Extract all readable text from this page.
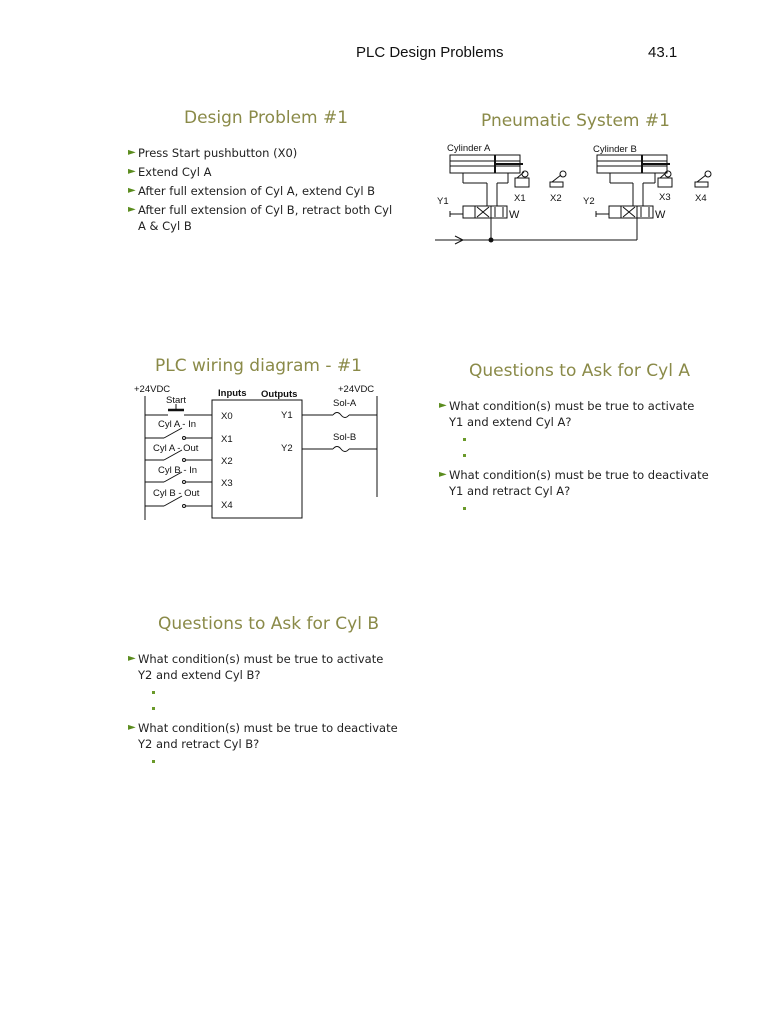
PLC Design Problems	43.1
Design Problem #1
► Press Start pushbutton (X0)
► Extend Cyl A
► After full extension of Cyl A, extend Cyl B
► After full extension of Cyl B, retract both Cyl A & Cyl B
Pneumatic System #1
Cylinder A	Cylinder B
Y1	Y2
X1	X2	X3	X4
W	W
PLC wiring diagram - #1
+24VDC	+24VDC
Inputs Outputs
Start
Cyl A - In
Cyl A - Out
Cyl B - In
Cyl B - Out
X0
X1
X2
X3
X4
Y1
Y2
Sol-A
Sol-B
Questions to Ask for Cyl A
► What condition(s) must be true to activate Y1 and extend Cyl A?
► What condition(s) must be true to deactivate Y1 and retract Cyl A?
Questions to Ask for Cyl B
► What condition(s) must be true to activate Y2 and extend Cyl B?
► What condition(s) must be true to deactivate Y2 and retract Cyl B?
